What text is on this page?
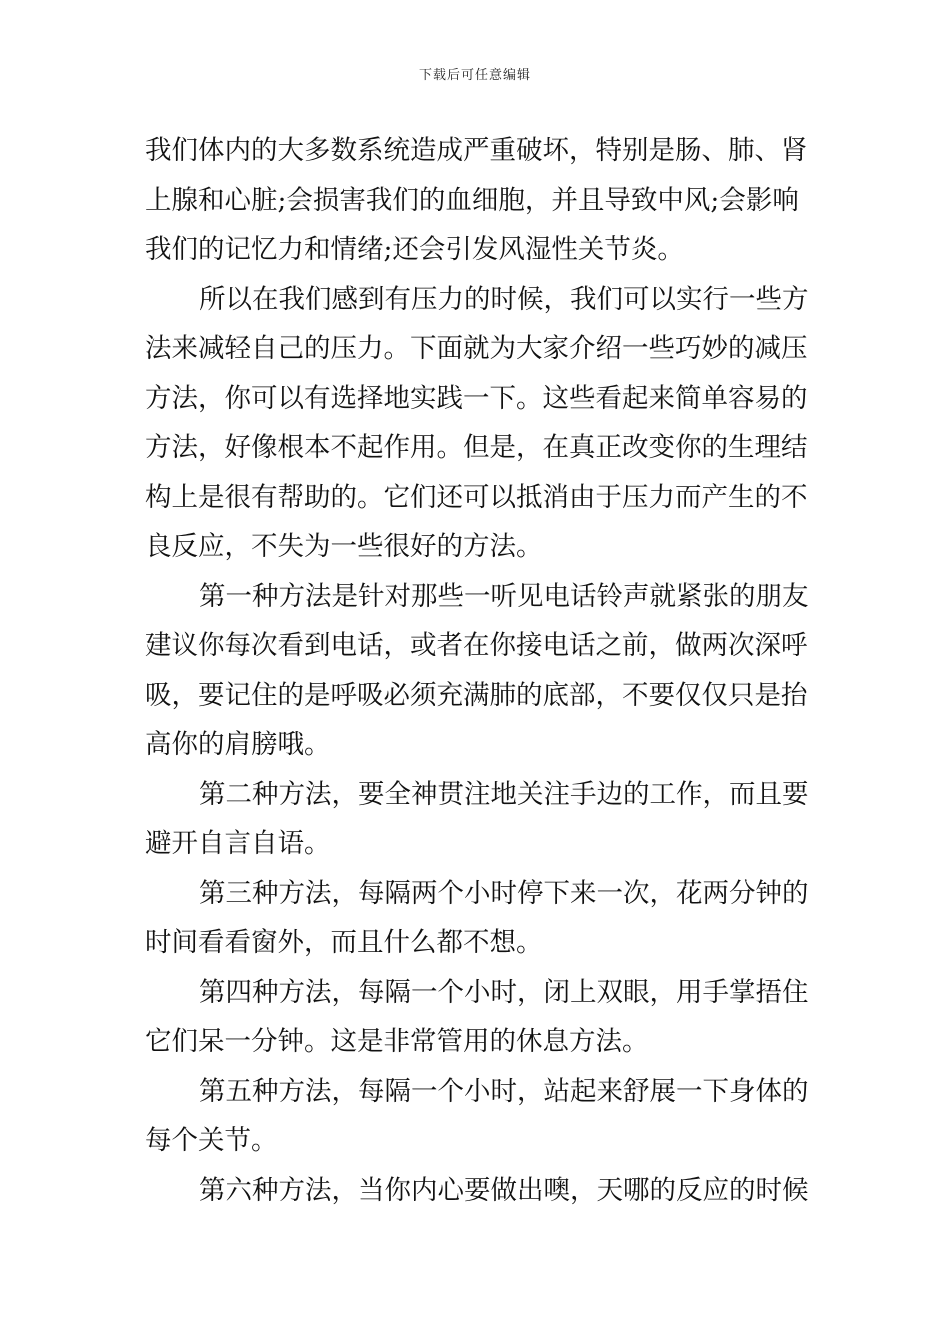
下载后可任意编辑
我们体内的大多数系统造成严重破坏，特别是肠、肺、肾
上腺和心脏;会损害我们的血细胞，并且导致中风;会影响
我们的记忆力和情绪;还会引发风湿性关节炎。
所以在我们感到有压力的时候，我们可以实行一些方
法来减轻自己的压力。下面就为大家介绍一些巧妙的减压
方法，你可以有选择地实践一下。这些看起来简单容易的
方法，好像根本不起作用。但是，在真正改变你的生理结
构上是很有帮助的。它们还可以抵消由于压力而产生的不
良反应，不失为一些很好的方法。
第一种方法是针对那些一听见电话铃声就紧张的朋友
建议你每次看到电话，或者在你接电话之前，做两次深呼
吸，要记住的是呼吸必须充满肺的底部，不要仅仅只是抬
高你的肩膀哦。
第二种方法，要全神贯注地关注手边的工作，而且要
避开自言自语。
第三种方法，每隔两个小时停下来一次，花两分钟的
时间看看窗外，而且什么都不想。
第四种方法，每隔一个小时，闭上双眼，用手掌捂住
它们呆一分钟。这是非常管用的休息方法。
第五种方法，每隔一个小时，站起来舒展一下身体的
每个关节。
第六种方法，当你内心要做出噢，天哪的反应的时候
